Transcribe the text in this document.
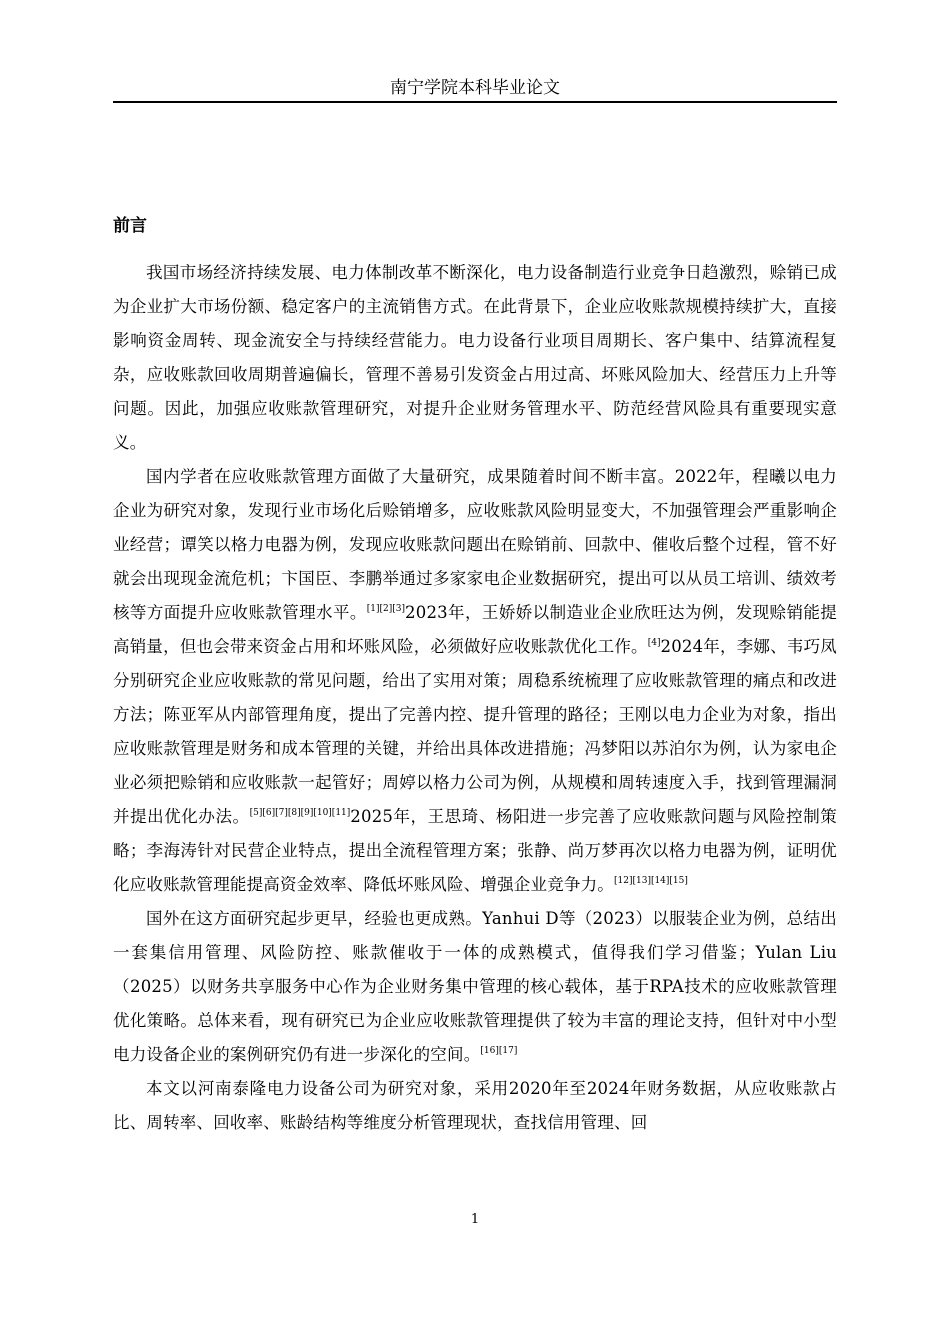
南宁学院本科毕业论文
前言

我国市场经济持续发展、电力体制改革不断深化，电力设备制造行业竞争日趋激烈，赊销已成为企业扩大市场份额、稳定客户的主流销售方式。在此背景下，企业应收账款规模持续扩大，直接影响资金周转、现金流安全与持续经营能力。电力设备行业项目周期长、客户集中、结算流程复杂，应收账款回收周期普遍偏长，管理不善易引发资金占用过高、坏账风险加大、经营压力上升等问题。因此，加强应收账款管理研究，对提升企业财务管理水平、防范经营风险具有重要现实意义。

国内学者在应收账款管理方面做了大量研究，成果随着时间不断丰富。2022年，程曦以电力企业为研究对象，发现行业市场化后赊销增多，应收账款风险明显变大，不加强管理会严重影响企业经营；谭笑以格力电器为例，发现应收账款问题出在赊销前、回款中、催收后整个过程，管不好就会出现现金流危机；卞国臣、李鹏举通过多家家电企业数据研究，提出可以从员工培训、绩效考核等方面提升应收账款管理水平。[1][2][3]2023年，王娇娇以制造业企业欣旺达为例，发现赊销能提高销量，但也会带来资金占用和坏账风险，必须做好应收账款优化工作。[4]2024年，李娜、韦巧凤分别研究企业应收账款的常见问题，给出了实用对策；周稳系统梳理了应收账款管理的痛点和改进方法；陈亚军从内部管理角度，提出了完善内控、提升管理的路径；王刚以电力企业为对象，指出应收账款管理是财务和成本管理的关键，并给出具体改进措施；冯梦阳以苏泊尔为例，认为家电企业必须把赊销和应收账款一起管好；周婷以格力公司为例，从规模和周转速度入手，找到管理漏洞并提出优化办法。[5][6][7][8][9][10][11]2025年，王思琦、杨阳进一步完善了应收账款问题与风险控制策略；李海涛针对民营企业特点，提出全流程管理方案；张静、尚万梦再次以格力电器为例，证明优化应收账款管理能提高资金效率、降低坏账风险、增强企业竞争力。[12][13][14][15]

国外在这方面研究起步更早，经验也更成熟。Yanhui D等（2023）以服装企业为例，总结出一套集信用管理、风险防控、账款催收于一体的成熟模式，值得我们学习借鉴；Yulan Liu（2025）以财务共享服务中心作为企业财务集中管理的核心载体，基于RPA技术的应收账款管理优化策略。总体来看，现有研究已为企业应收账款管理提供了较为丰富的理论支持，但针对中小型电力设备企业的案例研究仍有进一步深化的空间。[16][17]

本文以河南泰隆电力设备公司为研究对象，采用2020年至2024年财务数据，从应收账款占比、周转率、回收率、账龄结构等维度分析管理现状，查找信用管理、回

1
